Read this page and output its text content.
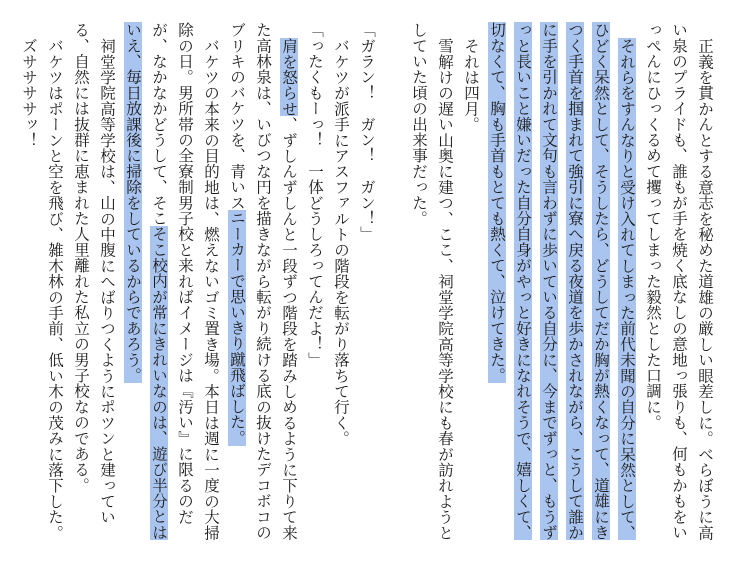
正義を貫かんとする意志を秘めた道雄の厳しい眼差しに。べらぼうに高い泉のプライドも、誰もが手を焼く底なしの意地っ張りも、何もかもをいっぺんにひっくるめて攫ってしまった毅然とした口調に。

それらをすんなりと受け入れてしまった前代未聞の自分に呆然として、ひどく呆然として、そうしたら、どうしてだか胸が熱くなって、道雄にきつく手首を掴まれて強引に寮へ戻る夜道を歩かされながら、こうして誰かに手を引かれて文句も言わずに歩いている自分に、今までずっと、もうずっと長いこと嫌いだった自分自身がやっと好きになれそうで、嬉しくて、切なくて、胸も手首もとても熱くて、泣けてきた。

それは四月。

雪解けの遅い山奥に建つ、ここ、祠堂学院高等学校にも春が訪れようとしていた頃の出来事だった。

「ガラン！　ガン！　ガン！」

バケツが派手にアスファルトの階段を転がり落ちて行く。

「ったくもーっ！　一体どうしろってんだよ！」

肩を怒らせ、ずしんずしんと一段ずつ階段を踏みしめるように下りて来た高林泉は、いびつな円を描きながら転がり続ける底の抜けたデコボコのブリキのバケツを、青いスニーカーで思いきり蹴飛ばした。

バケツの本来の目的地は、燃えないゴミ置き場。本日は週に一度の大掃除の日。男所帯の全寮制男子校と来ればイメージは『汚い』に限るのだが、なかなかどうして、そこそこ校内が常にきれいなのは、遊び半分とはいえ、毎日放課後に掃除をしているからであろう。

祠堂学院高等学校は、山の中腹にへばりつくようにポツンと建っている、自然には抜群に恵まれた人里離れた私立の男子校なのである。

バケツはポーンと空を飛び、雑木林の手前、低い木の茂みに落下した。

ズササササッ！
